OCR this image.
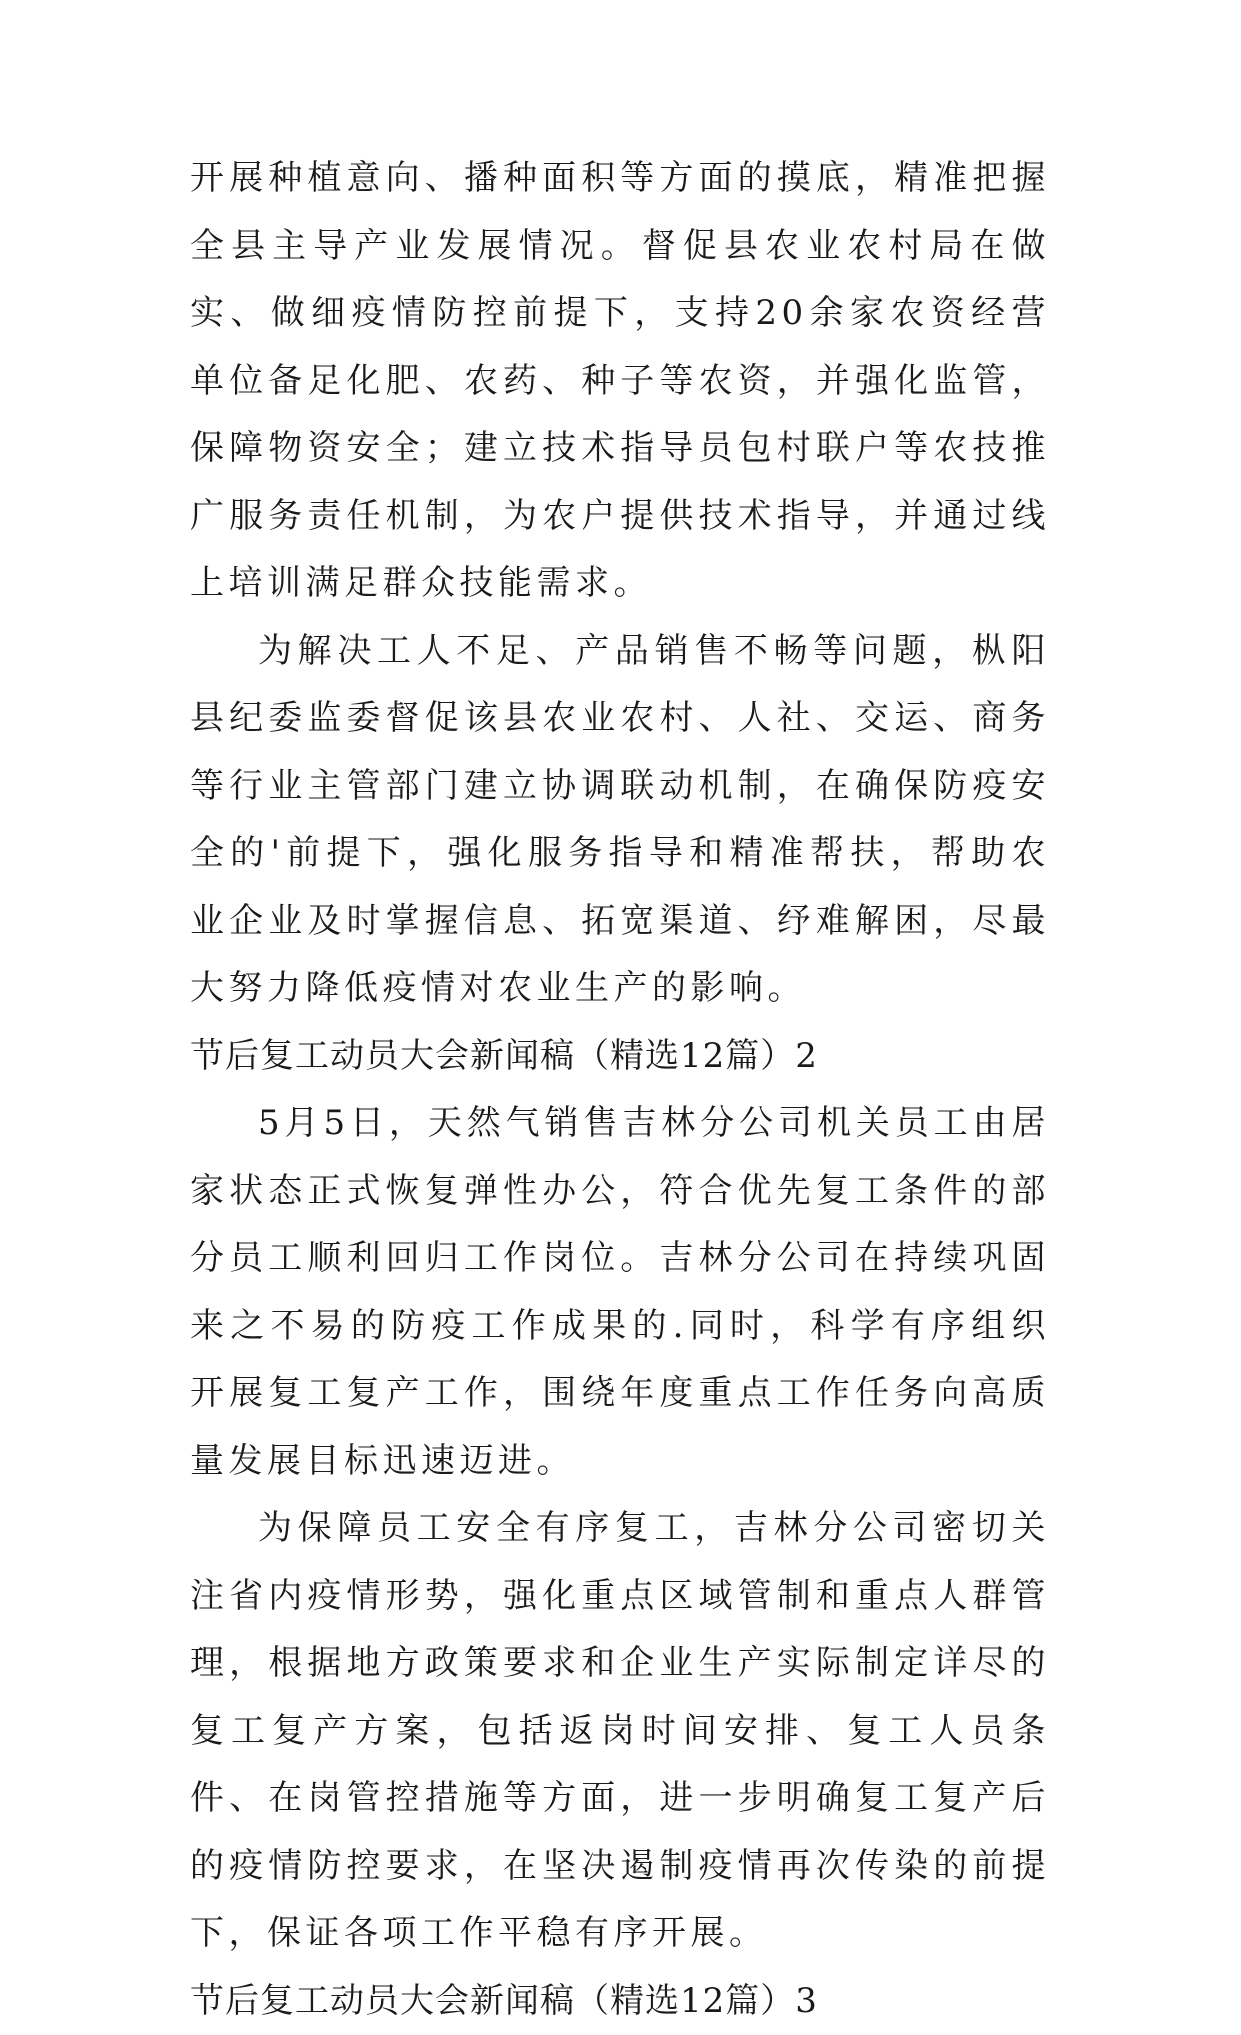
开展种植意向、播种面积等方面的摸底，精准把握全县主导产业发展情况。督促县农业农村局在做实、做细疫情防控前提下，支持20余家农资经营单位备足化肥、农药、种子等农资，并强化监管，保障物资安全；建立技术指导员包村联户等农技推广服务责任机制，为农户提供技术指导，并通过线上培训满足群众技能需求。

为解决工人不足、产品销售不畅等问题，枞阳县纪委监委督促该县农业农村、人社、交运、商务等行业主管部门建立协调联动机制，在确保防疫安全的'前提下，强化服务指导和精准帮扶，帮助农业企业及时掌握信息、拓宽渠道、纾难解困，尽最大努力降低疫情对农业生产的影响。

节后复工动员大会新闻稿（精选12篇）2

5月5日，天然气销售吉林分公司机关员工由居家状态正式恢复弹性办公，符合优先复工条件的部分员工顺利回归工作岗位。吉林分公司在持续巩固来之不易的防疫工作成果的.同时，科学有序组织开展复工复产工作，围绕年度重点工作任务向高质量发展目标迅速迈进。

为保障员工安全有序复工，吉林分公司密切关注省内疫情形势，强化重点区域管制和重点人群管理，根据地方政策要求和企业生产实际制定详尽的复工复产方案，包括返岗时间安排、复工人员条件、在岗管控措施等方面，进一步明确复工复产后的疫情防控要求，在坚决遏制疫情再次传染的前提下，保证各项工作平稳有序开展。

节后复工动员大会新闻稿（精选12篇）3
